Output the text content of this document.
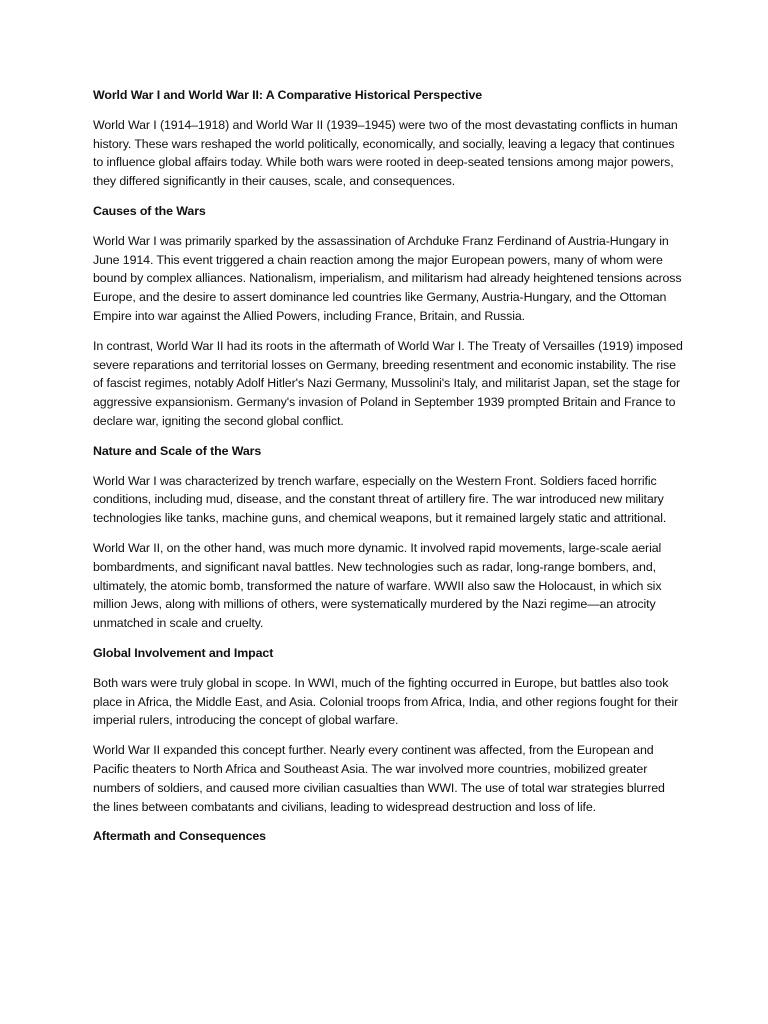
World War I and World War II: A Comparative Historical Perspective

World War I (1914–1918) and World War II (1939–1945) were two of the most devastating conflicts in human history. These wars reshaped the world politically, economically, and socially, leaving a legacy that continues to influence global affairs today. While both wars were rooted in deep-seated tensions among major powers, they differed significantly in their causes, scale, and consequences.

Causes of the Wars

World War I was primarily sparked by the assassination of Archduke Franz Ferdinand of Austria-Hungary in June 1914. This event triggered a chain reaction among the major European powers, many of whom were bound by complex alliances. Nationalism, imperialism, and militarism had already heightened tensions across Europe, and the desire to assert dominance led countries like Germany, Austria-Hungary, and the Ottoman Empire into war against the Allied Powers, including France, Britain, and Russia.

In contrast, World War II had its roots in the aftermath of World War I. The Treaty of Versailles (1919) imposed severe reparations and territorial losses on Germany, breeding resentment and economic instability. The rise of fascist regimes, notably Adolf Hitler's Nazi Germany, Mussolini's Italy, and militarist Japan, set the stage for aggressive expansionism. Germany's invasion of Poland in September 1939 prompted Britain and France to declare war, igniting the second global conflict.

Nature and Scale of the Wars

World War I was characterized by trench warfare, especially on the Western Front. Soldiers faced horrific conditions, including mud, disease, and the constant threat of artillery fire. The war introduced new military technologies like tanks, machine guns, and chemical weapons, but it remained largely static and attritional.

World War II, on the other hand, was much more dynamic. It involved rapid movements, large-scale aerial bombardments, and significant naval battles. New technologies such as radar, long-range bombers, and, ultimately, the atomic bomb, transformed the nature of warfare. WWII also saw the Holocaust, in which six million Jews, along with millions of others, were systematically murdered by the Nazi regime—an atrocity unmatched in scale and cruelty.

Global Involvement and Impact

Both wars were truly global in scope. In WWI, much of the fighting occurred in Europe, but battles also took place in Africa, the Middle East, and Asia. Colonial troops from Africa, India, and other regions fought for their imperial rulers, introducing the concept of global warfare.

World War II expanded this concept further. Nearly every continent was affected, from the European and Pacific theaters to North Africa and Southeast Asia. The war involved more countries, mobilized greater numbers of soldiers, and caused more civilian casualties than WWI. The use of total war strategies blurred the lines between combatants and civilians, leading to widespread destruction and loss of life.

Aftermath and Consequences
